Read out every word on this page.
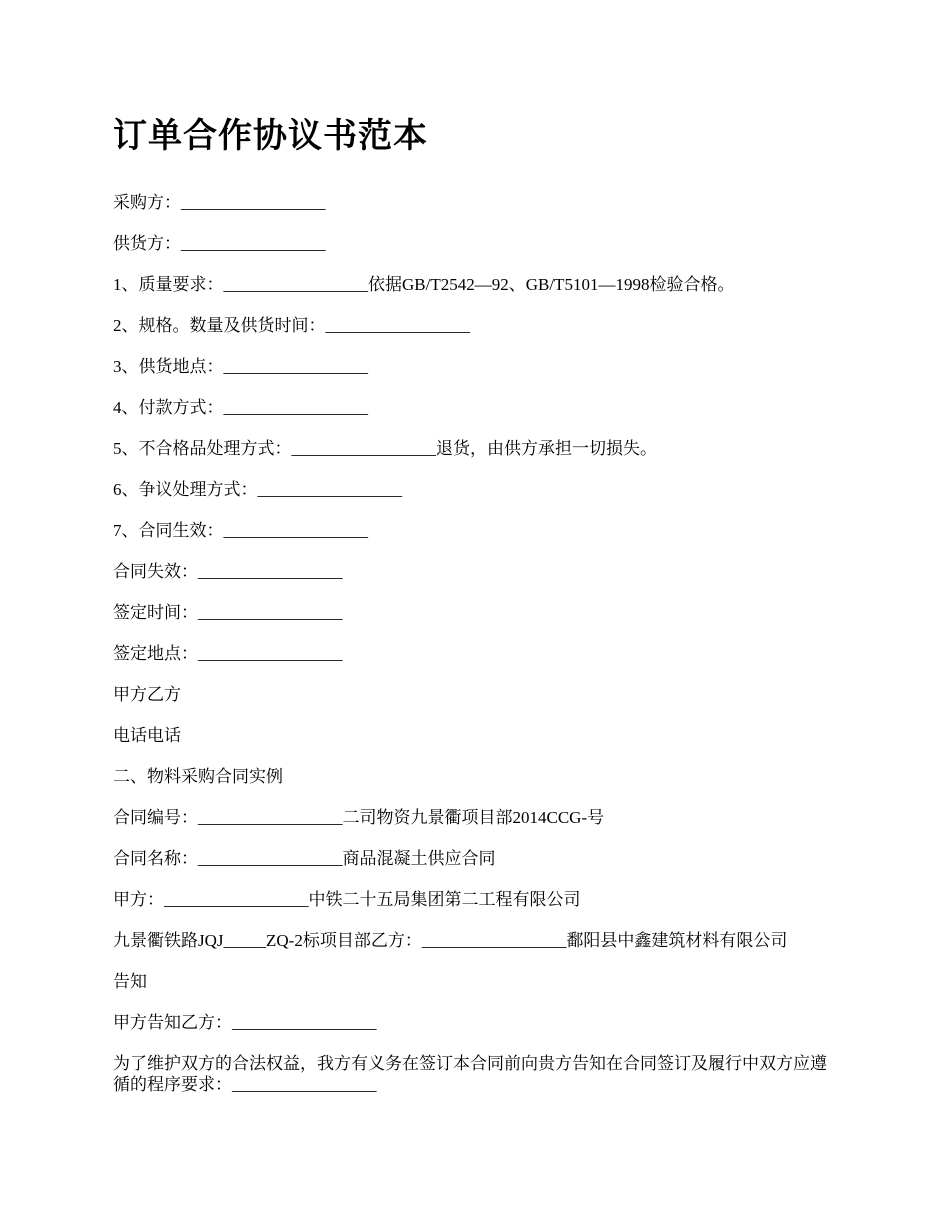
订单合作协议书范本

采购方：_________________

供货方：_________________

1、质量要求：_________________依据GB/T2542—92、GB/T5101—1998检验合格。

2、规格。数量及供货时间：_________________

3、供货地点：_________________

4、付款方式：_________________

5、不合格品处理方式：_________________退货，由供方承担一切损失。

6、争议处理方式：_________________

7、合同生效：_________________

合同失效：_________________

签定时间：_________________

签定地点：_________________

甲方乙方

电话电话

二、物料采购合同实例

合同编号：_________________二司物资九景衢项目部2014CCG-号

合同名称：_________________商品混凝土供应合同

甲方：_________________中铁二十五局集团第二工程有限公司

九景衢铁路JQJ_____ZQ-2标项目部乙方：_________________鄱阳县中鑫建筑材料有限公司

告知

甲方告知乙方：_________________

为了维护双方的合法权益，我方有义务在签订本合同前向贵方告知在合同签订及履行中双方应遵循的程序要求：_________________
